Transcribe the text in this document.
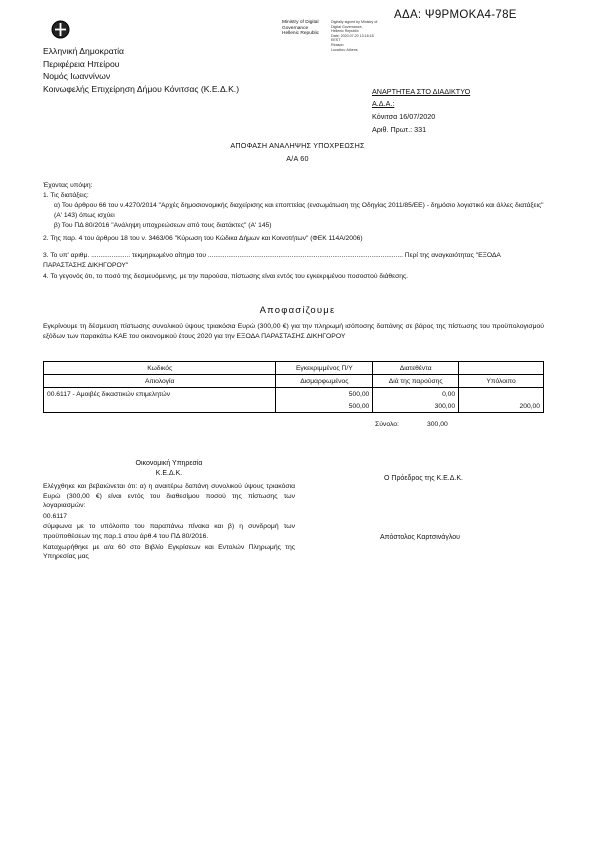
ΑΔΑ: Ψ9ΡΜΟΚΑ4-78Ε
Ministry of Digital
Governance
Hellenic Republic
Digitally signed by Ministry of
Digital Governance,
Hellenic Republic
Date: 2020.07.20 13:18:18
EEST
Reason:
Location: Athens
Ελληνική Δημοκρατία
Περιφέρεια Ηπείρου
Νομός Ιωαννίνων
Κοινωφελής Επιχείρηση Δήμου Κόνιτσας (Κ.Ε.Δ.Κ.)	ΑΝΑΡΤΗΤΕΑ ΣΤΟ ΔΙΑΔΙΚΤΥΟ
Α.Δ.Α.:
Κόνιτσα 16/07/2020
Αριθ. Πρωτ.: 331
ΑΠΟΦΑΣΗ ΑΝΑΛΗΨΗΣ ΥΠΟΧΡΕΩΣΗΣ
Α/Α 60
Έχοντας υπόψη:
1. Τις διατάξεις:
α) Του άρθρου 66 του ν.4270/2014 "Αρχές δημοσιονομικής διαχείρισης και εποπτείας (ενσωμάτωση της Οδηγίας 2011/85/ΕΕ) - δημόσιο λογιστικό και άλλες διατάξεις" (Α' 143) όπως ισχύει
β) Του ΠΔ 80/2016 "Ανάληψη υποχρεώσεων από τους διατάκτες" (Α' 145)
2. Της παρ. 4 του άρθρου 18 του ν. 3463/06 "Κύρωση του Κώδικα Δήμων και Κοινοτήτων" (ΦΕΚ 114Α/2006)
3. Το υπ' αριθμ. ..................... τεκμηριωμένο αίτημα του ......................................................................................................... Περί της αναγκαιότητας "ΕΞΟΔΑ ΠΑΡΑΣΤΑΣΗΣ ΔΙΚΗΓΟΡΟΥ"
4. Το γεγονός ότι, το ποσό της δεσμευόμενης, με την παρούσα, πίστωσης είναι εντός του εγκεκριμένου ποσοστού διάθεσης.
Αποφασίζουμε
Εγκρίνουμε τη δέσμευση πίστωσης συνολικού ύψους τριακόσια Ευρώ (300,00 €) για την πληρωμή ισόποσης δαπάνης σε βάρος της πίστωσης του προϋπολογισμού εξόδων των παρακάτω ΚΑΕ του οικονομικού έτους 2020 για την ΕΞΟΔΑ ΠΑΡΑΣΤΑΣΗΣ ΔΙΚΗΓΟΡΟΥ
Κωδικός	Εγκεκριμμένος Π/Υ	Διατεθέντα	
Αιτιολογία	Δισμαρφωμένος	Διά της παρούσης	Υπόλοιπο
00.6117 - Αμοιβές δικαστικών επιμελητών	500,00	0,00	
	500,00	300,00	200,00
Σύνολο:	300,00
Οικονομική Υπηρεσία
Κ.Ε.Δ.Κ.
Ελέγχθηκε και βεβαιώνεται ότι: α) η αναιτέρω δαπάνη συνολικού ύψους τριακόσια Ευρώ (300,00 €) είναι εντός του διαθεσίμου ποσού της πίστωσης των λογαριασμών:
00.6117
σύμφωνα με το υπόλοιπο του παραπάνω πίνακα και β) η συνδρομή των προϋποθέσεων της παρ.1 στου άρθ.4 του ΠΔ 80/2016.
Καταχωρήθηκε με α/α 60 στο Βιβλίο Εγκρίσεων και Εντολών Πληρωμής της Υπηρεσίας μας
Ο Πρόεδρος της Κ.Ε.Δ.Κ.
Απόστολος Καρτσινάγλου
